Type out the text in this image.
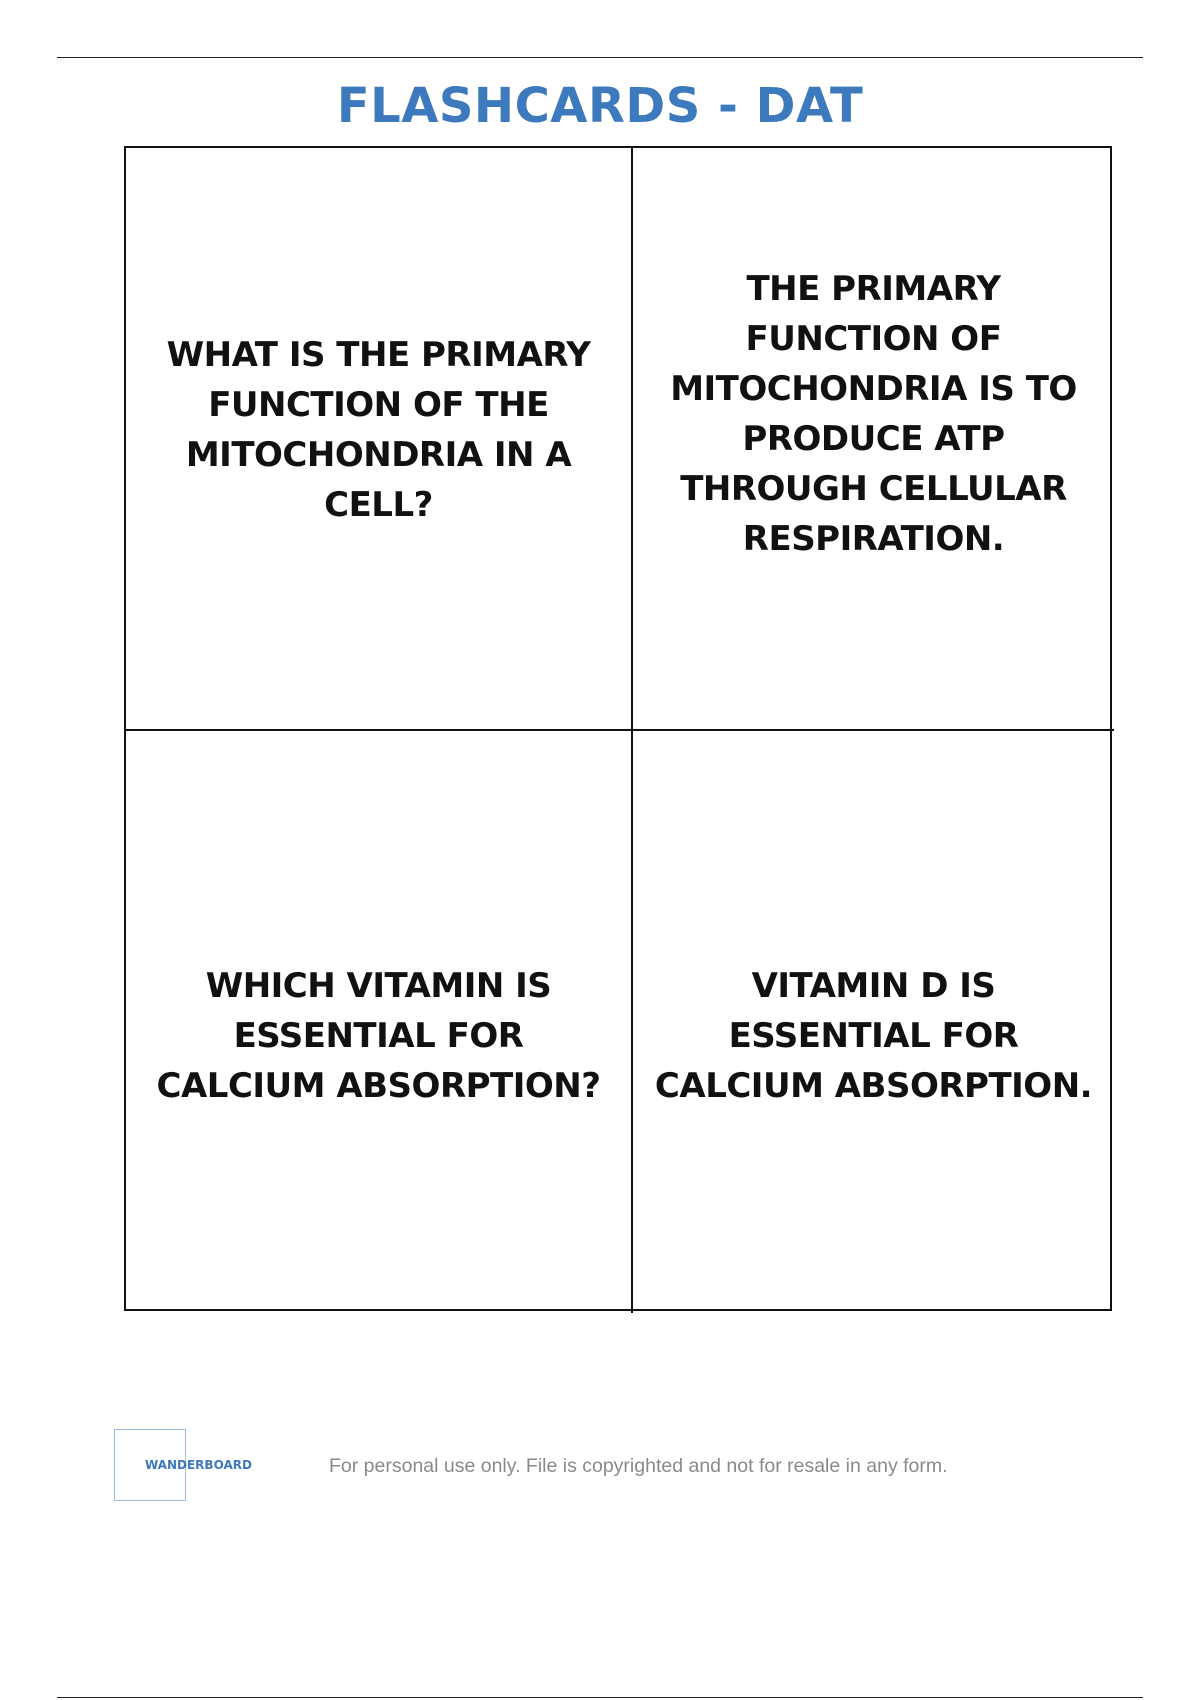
FLASHCARDS - DAT
WHAT IS THE PRIMARY FUNCTION OF THE MITOCHONDRIA IN A CELL?
THE PRIMARY FUNCTION OF MITOCHONDRIA IS TO PRODUCE ATP THROUGH CELLULAR RESPIRATION.
WHICH VITAMIN IS ESSENTIAL FOR CALCIUM ABSORPTION?
VITAMIN D IS ESSENTIAL FOR CALCIUM ABSORPTION.
WANDERBOARD	For personal use only. File is copyrighted and not for resale in any form.
